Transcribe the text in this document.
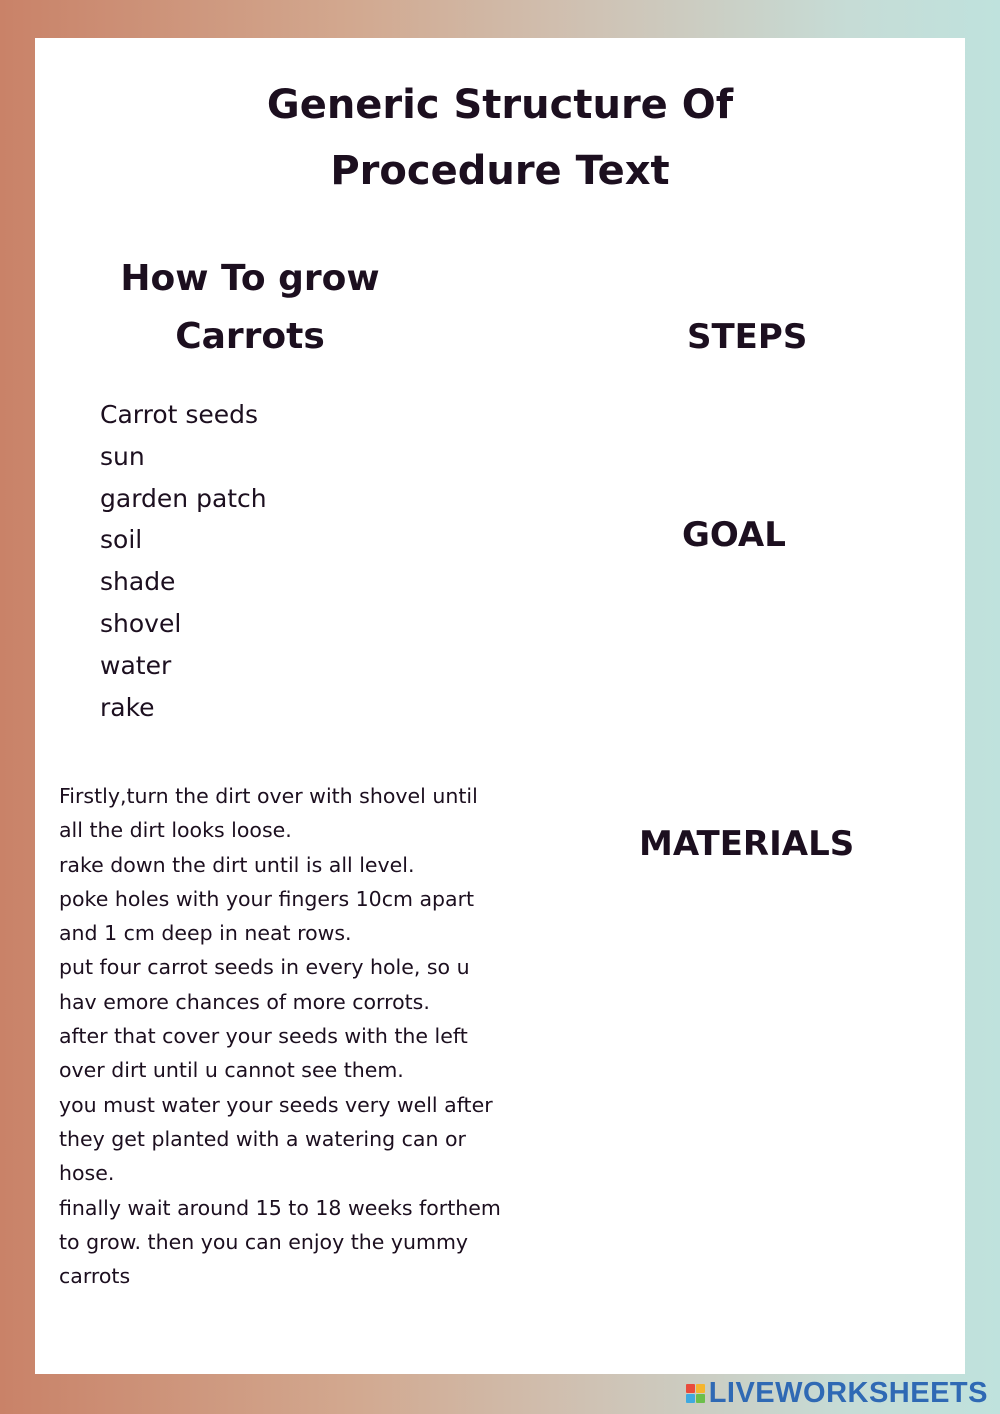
Generic Structure Of
Procedure Text
How To grow
Carrots	STEPS
GOAL
MATERIALS
Carrot seeds
sun
garden patch
soil
shade
shovel
water
rake
Firstly,turn the dirt over with shovel until
all the dirt looks loose.
rake down the dirt until is all level.
poke holes with your fingers 10cm apart
and 1 cm deep in neat rows.
put four carrot seeds in every hole, so u
hav emore chances of more corrots.
after that cover your seeds with the left
over dirt until u cannot see them.
you must water your seeds very well after
they get planted with a watering can or
hose.
finally wait around 15 to 18 weeks forthem
to grow. then you can enjoy the yummy
carrots
LIVEWORKSHEETS
